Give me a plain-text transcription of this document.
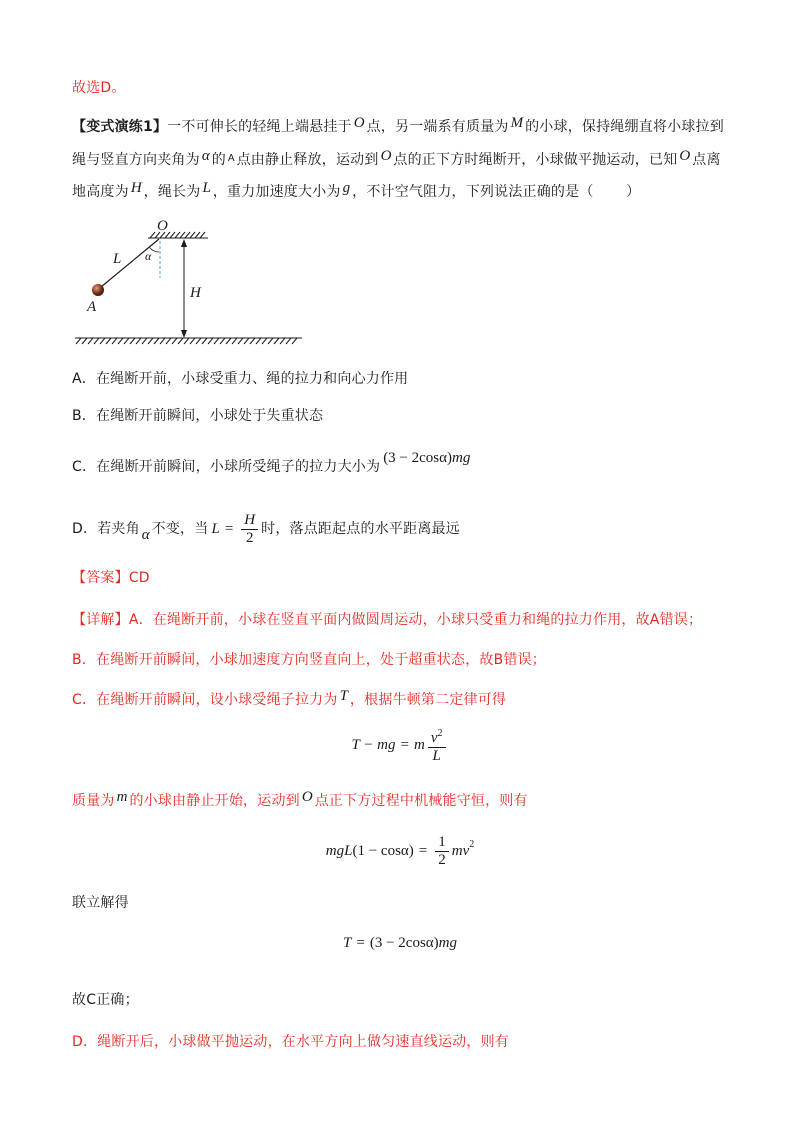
故选D。
【变式演练1】 一不可伸长的轻绳上端悬挂于 O 点，另一端系有质量为 M 的小球，保持绳绷直将小球拉到
绳与竖直方向夹角为 α 的 A 点由静止释放，运动到 O 点的正下方时绳断开，小球做平抛运动，已知 O 点离
地高度为 H ，绳长为 L ，重力加速度大小为 g ，不计空气阻力，下列说法正确的是（       ）
O
L α
A
H
A．在绳断开前，小球受重力、绳的拉力和向心力作用
B．在绳断开前瞬间，小球处于失重状态
C．在绳断开前瞬间，小球所受绳子的拉力大小为
(3 − 2cosα) mg
D．若夹角 α 不变，当 $L = \frac{H}{2}$ 时，落点距起点的水平距离最远
【答案】 CD
【详解】 A．在绳断开前，小球在竖直平面内做圆周运动，小球只受重力和绳的拉力作用，故A错误；
B．在绳断开前瞬间，小球加速度方向竖直向上，处于超重状态，故B错误；
C．在绳断开前瞬间，设小球受绳子拉力为 T ，根据牛顿第二定律可得
T − mg = m $\frac{v^2}{L}$
质量为 m 的小球由静止开始，运动到 O 点正下方过程中机械能守恒，则有
mgL $(1 - \cos\alpha) = \frac{1}{2} mv^2$
联立解得
T = (3 − 2cosα) mg
故C正确；
D．绳断开后，小球做平抛运动，在水平方向上做匀速直线运动，则有
